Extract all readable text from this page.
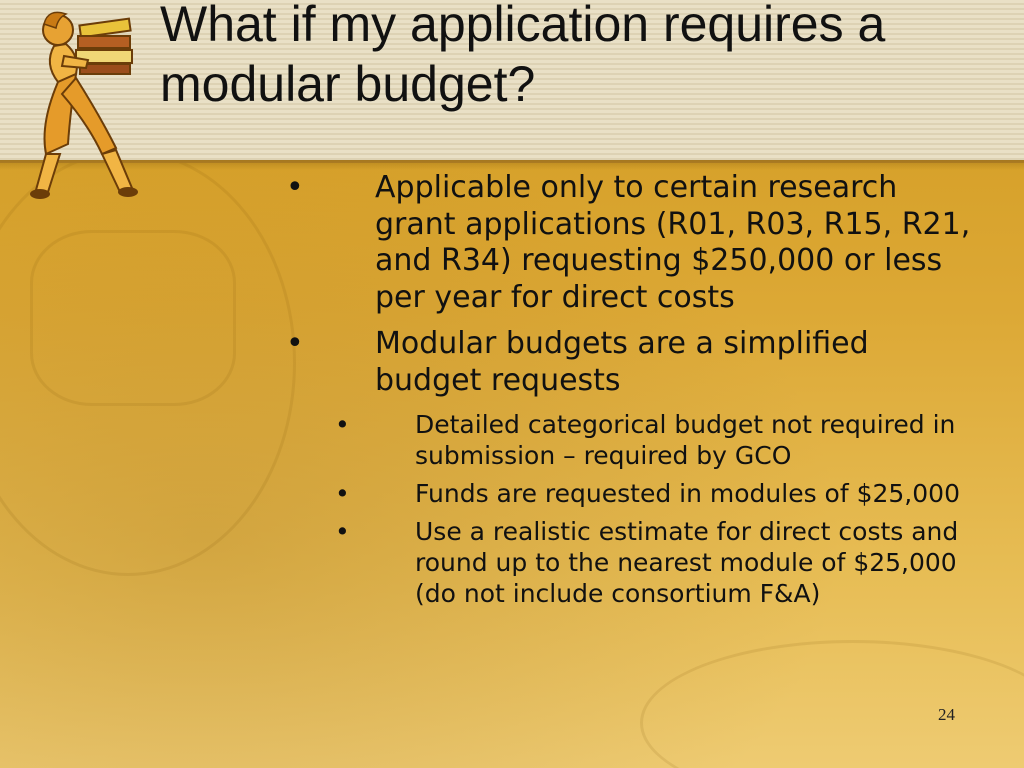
What if my application requires a modular budget?
• Applicable only to certain research grant applications (R01, R03, R15, R21, and R34) requesting $250,000 or less per year for direct costs
• Modular budgets are a simplified budget requests
•	Detailed categorical budget not required in submission – required by GCO
•	Funds are requested in modules of $25,000
•	Use a realistic estimate for direct costs and round up to the nearest module of $25,000 (do not include consortium F&A)
24
